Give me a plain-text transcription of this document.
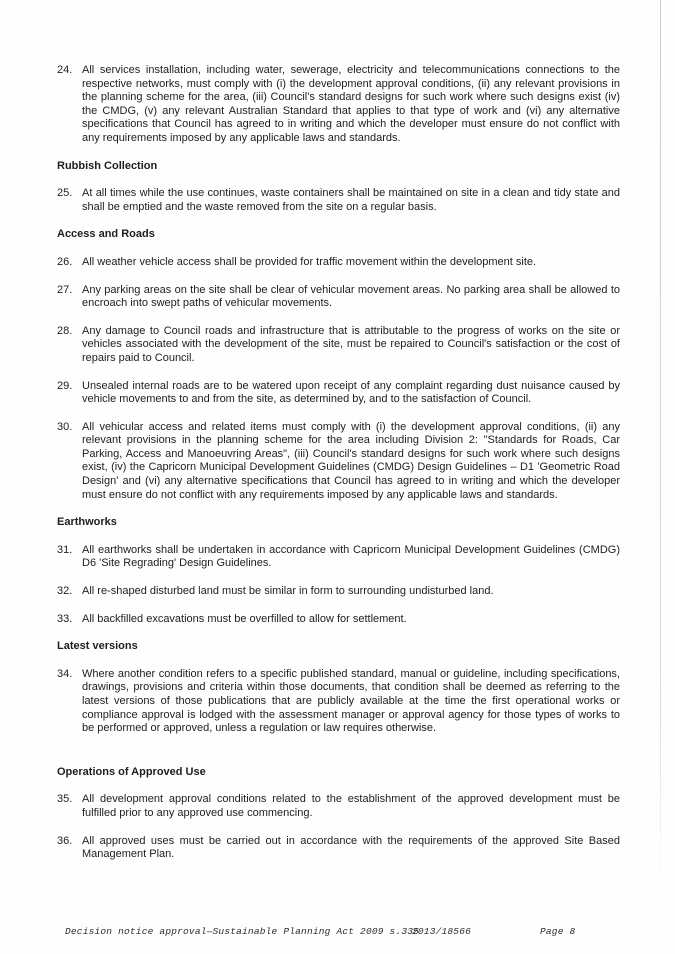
24. All services installation, including water, sewerage, electricity and telecommunications connections to the respective networks, must comply with (i) the development approval conditions, (ii) any relevant provisions in the planning scheme for the area, (iii) Council's standard designs for such work where such designs exist (iv) the CMDG, (v) any relevant Australian Standard that applies to that type of work and (vi) any alternative specifications that Council has agreed to in writing and which the developer must ensure do not conflict with any requirements imposed by any applicable laws and standards.
Rubbish Collection
25. At all times while the use continues, waste containers shall be maintained on site in a clean and tidy state and shall be emptied and the waste removed from the site on a regular basis.
Access and Roads
26. All weather vehicle access shall be provided for traffic movement within the development site.
27. Any parking areas on the site shall be clear of vehicular movement areas. No parking area shall be allowed to encroach into swept paths of vehicular movements.
28. Any damage to Council roads and infrastructure that is attributable to the progress of works on the site or vehicles associated with the development of the site, must be repaired to Council's satisfaction or the cost of repairs paid to Council.
29. Unsealed internal roads are to be watered upon receipt of any complaint regarding dust nuisance caused by vehicle movements to and from the site, as determined by, and to the satisfaction of Council.
30. All vehicular access and related items must comply with (i) the development approval conditions, (ii) any relevant provisions in the planning scheme for the area including Division 2: "Standards for Roads, Car Parking, Access and Manoeuvring Areas", (iii) Council's standard designs for such work where such designs exist, (iv) the Capricorn Municipal Development Guidelines (CMDG) Design Guidelines – D1 'Geometric Road Design' and (vi) any alternative specifications that Council has agreed to in writing and which the developer must ensure do not conflict with any requirements imposed by any applicable laws and standards.
Earthworks
31. All earthworks shall be undertaken in accordance with Capricorn Municipal Development Guidelines (CMDG) D6 'Site Regrading' Design Guidelines.
32. All re-shaped disturbed land must be similar in form to surrounding undisturbed land.
33. All backfilled excavations must be overfilled to allow for settlement.
Latest versions
34. Where another condition refers to a specific published standard, manual or guideline, including specifications, drawings, provisions and criteria within those documents, that condition shall be deemed as referring to the latest versions of those publications that are publicly available at the time the first operational works or compliance approval is lodged with the assessment manager or approval agency for those types of works to be performed or approved, unless a regulation or law requires otherwise.
Operations of Approved Use
35. All development approval conditions related to the establishment of the approved development must be fulfilled prior to any approved use commencing.
36. All approved uses must be carried out in accordance with the requirements of the approved Site Based Management Plan.
Decision notice approval—Sustainable Planning Act 2009 s.335
2013/18566	Page 8
